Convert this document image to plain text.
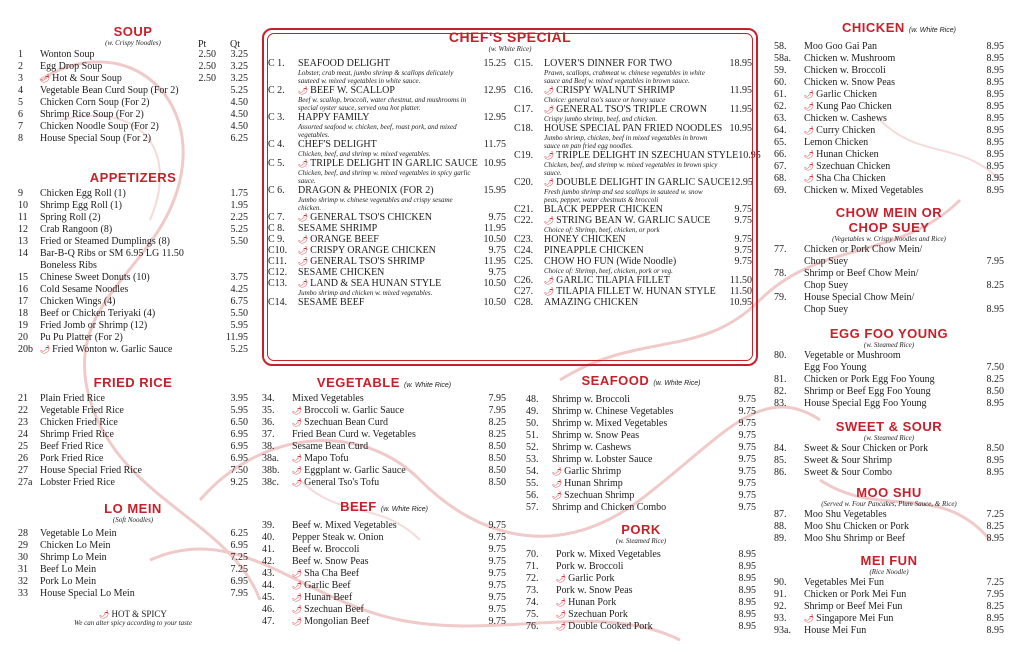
SOUP
(w. Crispy Noodles)	Pt Qt
1	Wonton Soup	2.50	3.25
2	Egg Drop Soup	2.50	3.25
3	🌶︎ Hot & Sour Soup	2.50	3.25
4	Vegetable Bean Curd Soup (For 2)	5.25
5	Chicken Corn Soup (For 2)	4.50
6	Shrimp Rice Soup (For 2)	4.50
7	Chicken Noodle Soup (For 2)	4.50
8	House Special Soup (For 2)	6.25
APPETIZERS
9	Chicken Egg Roll (1)	1.75
10	Shrimp Egg Roll (1)	1.95
11	Spring Roll (2)	2.25
12	Crab Rangoon (8)	5.25
13	Fried or Steamed Dumplings (8)	5.50
14	Bar-B-Q Ribs or SM 6.95 LG 11.50
Boneless Ribs
15	Chinese Sweet Donuts (10)	3.75
16	Cold Sesame Noodles	4.25
17	Chicken Wings (4)	6.75
18	Beef or Chicken Teriyaki (4)	5.50
19	Fried Jomb or Shrimp (12)	5.95
20	Pu Pu Platter (For 2)	11.95
20b 🌶︎ Fried Wonton w. Garlic Sauce	5.25
FRIED RICE
21	Plain Fried Rice	3.95
22	Vegetable Fried Rice	5.95
23	Chicken Fried Rice	6.50
24	Shrimp Fried Rice	6.95
25	Beef Fried Rice	6.95
26	Pork Fried Rice	6.95
27	House Special Fried Rice	7.50
27a Lobster Fried Rice	9.25
LO MEIN
(Soft Noodles)
28	Vegetable Lo Mein	6.25
29	Chicken Lo Mein	6.95
30	Shrimp Lo Mein	7.25
31	Beef Lo Mein	7.25
32	Pork Lo Mein	6.95
33	House Special Lo Mein	7.95
🌶︎ HOT & SPICY
We can alter spicy according to your taste
CHEF'S SPECIAL
(w. White Rice)
C 1.	SEAFOOD DELIGHT	15.25
Lobster, crab meat, jumbo shrimp & scallops delicately sauteed w. mixed vegetables in white sauce.
C 2.	🌶︎ BEEF W. SCALLOP	12.95
Beef w. scallop, broccoli, water chestnut, and mushrooms in special oyster sauce, served ona hot platter.
C 3.	HAPPY FAMILY	12.95
Assorted seafood w. chicken, beef, roast pork, and mixed vegetables.
C 4.	CHEF'S DELIGHT	11.75
Chicken, beef, and shrimp w. mixed vegetables.
C 5.	🌶︎ TRIPLE DELIGHT IN GARLIC SAUCE 10.95
Chicken, beef, and shrimp w. mixed vegetables in spicy garlic sauce.
C 6.	DRAGON & PHEONIX (FOR 2)	15.95
Jumbo shrimp w. chinese vegetables and crispy sesame chicken.
C 7.	🌶︎ GENERAL TSO'S CHICKEN	9.75
C 8.	SESAME SHRIMP	11.95
C 9.	🌶︎ ORANGE BEEF	10.50
C10.	🌶︎ CRISPY ORANGE CHICKEN	9.75
C11.	🌶︎ GENERAL TSO'S SHRIMP	11.95
C12.	SESAME CHICKEN	9.75
C13.	🌶︎ LAND & SEA HUNAN STYLE	10.50
Jumbo shrimp and chicken w. mixed vegetables.
C14.	SESAME BEEF	10.50
C15.	LOVER'S DINNER FOR TWO	18.95
Prawn, scallops, crabmeat w. chinese vegetables in white sauce and Beef w. mixed vegetables in brown sauce.
C16.	🌶︎ CRISPY WALNUT SHRIMP	11.95
Choice: general tso's sauce or honey sauce
C17.	🌶︎ GENERAL TSO'S TRIPLE CROWN	11.95
Crispy jumbo shrimp, beef, and chicken.
C18.	HOUSE SPECIAL PAN FRIED NOODLES 10.95
Jumbo shrimp, chicken, beef in mixed vegetables in brown sauce on pan fried egg noodles.
C19.	🌶︎ TRIPLE DELIGHT IN SZECHUAN STYLE 10.95
Chicken, beef, and shrimp w. mixed vegetables in brown spicy sauce.
C20.	🌶︎ DOUBLE DELIGHT IN GARLIC SAUCE 12.95
Fresh jumbo shrimp and sea scallops in sauteed w. snow peas, pepper, water chestnuts & broccoli
C21.	BLACK PEPPER CHICKEN	9.75
C22.	🌶︎ STRING BEAN W. GARLIC SAUCE	9.75
Choice of: Shrimp, beef, chicken, or pork
C23.	HONEY CHICKEN	9.75
C24.	PINEAPPLE CHICKEN	9.75
C25.	CHOW HO FUN (Wide Noodle)	9.75
Choice of: Shrimp, beef, chicken, pork or veg.
C26.	🌶︎ GARLIC TILAPIA FILLET	11.50
C27.	🌶︎ TILAPIA FILLET W. HUNAN STYLE	11.50
C28.	AMAZING CHICKEN	10.95
VEGETABLE (w. White Rice)
34.	Mixed Vegetables	7.95
35.	🌶︎ Broccoli w. Garlic Sauce	7.95
36.	🌶︎ Szechuan Bean Curd	8.25
37.	Fried Bean Curd w. Vegetables	8.25
38.	Sesame Bean Curd	8.50
38a.	🌶︎ Mapo Tofu	8.50
38b.	🌶︎ Eggplant w. Garlic Sauce	8.50
38c.	🌶︎ General Tso's Tofu	8.50
BEEF (w. White Rice)
39.	Beef w. Mixed Vegetables	9.75
40.	Pepper Steak w. Onion	9.75
41.	Beef w. Broccoli	9.75
42.	Beef w. Snow Peas	9.75
43.	🌶︎ Sha Cha Beef	9.75
44.	🌶︎ Garlic Beef	9.75
45.	🌶︎ Hunan Beef	9.75
46.	🌶︎ Szechuan Beef	9.75
47.	🌶︎ Mongolian Beef	9.75
SEAFOOD (w. White Rice)
48.	Shrimp w. Broccoli	9.75
49.	Shrimp w. Chinese Vegetables	9.75
50.	Shrimp w. Mixed Vegetables	9.75
51.	Shrimp w. Snow Peas	9.75
52.	Shrimp w. Cashews	9.75
53.	Shrimp w. Lobster Sauce	9.75
54.	🌶︎ Garlic Shrimp	9.75
55.	🌶︎ Hunan Shrimp	9.75
56.	🌶︎ Szechuan Shrimp	9.75
57.	Shrimp and Chicken Combo	9.75
PORK
(w. Steamed Rice)
70.	Pork w. Mixed Vegetables	8.95
71.	Pork w. Broccoli	8.95
72.	🌶︎ Garlic Pork	8.95
73.	Pork w. Snow Peas	8.95
74.	🌶︎ Hunan Pork	8.95
75.	🌶︎ Szechuan Pork	8.95
76.	🌶︎ Double Cooked Pork	8.95
CHICKEN (w. White Rice)
58.	Moo Goo Gai Pan	8.95
58a.	Chicken w. Mushroom	8.95
59.	Chicken w. Broccoli	8.95
60.	Chicken w. Snow Peas	8.95
61.	🌶︎ Garlic Chicken	8.95
62.	🌶︎ Kung Pao Chicken	8.95
63.	Chicken w. Cashews	8.95
64.	🌶︎ Curry Chicken	8.95
65.	Lemon Chicken	8.95
66.	🌶︎ Hunan Chicken	8.95
67.	🌶︎ Szechuan Chicken	8.95
68.	🌶︎ Sha Cha Chicken	8.95
69.	Chicken w. Mixed Vegetables	8.95
CHOW MEIN OR
CHOP SUEY
(Vegetables w. Crispy Noodles and Rice)
77.	Chicken or Pork Chow Mein/
Chop Suey	7.95
78.	Shrimp or Beef Chow Mein/
Chop Suey	8.25
79.	House Special Chow Mein/
Chop Suey	8.95
EGG FOO YOUNG
(w. Steamed Rice)
80.	Vegetable or Mushroom
Egg Foo Young	7.50
81.	Chicken or Pork Egg Foo Young	8.25
82.	Shrimp or Beef Egg Foo Young	8.50
83.	House Special Egg Foo Young	8.95
SWEET & SOUR
(w. Steamed Rice)
84.	Sweet & Sour Chicken or Pork	8.50
85.	Sweet & Sour Shrimp	8.95
86.	Sweet & Sour Combo	8.95
MOO SHU
(Served w. Four Pancakes, Plum Sauce, & Rice)
87.	Moo Shu Vegetables	7.25
88.	Moo Shu Chicken or Pork	8.25
89.	Moo Shu Shrimp or Beef	8.95
MEI FUN
(Rice Noodle)
90.	Vegetables Mei Fun	7.25
91.	Chicken or Pork Mei Fun	7.95
92.	Shrimp or Beef Mei Fun	8.25
93.	🌶︎ Singapore Mei Fun	8.95
93a.	House Mei Fun	8.95
